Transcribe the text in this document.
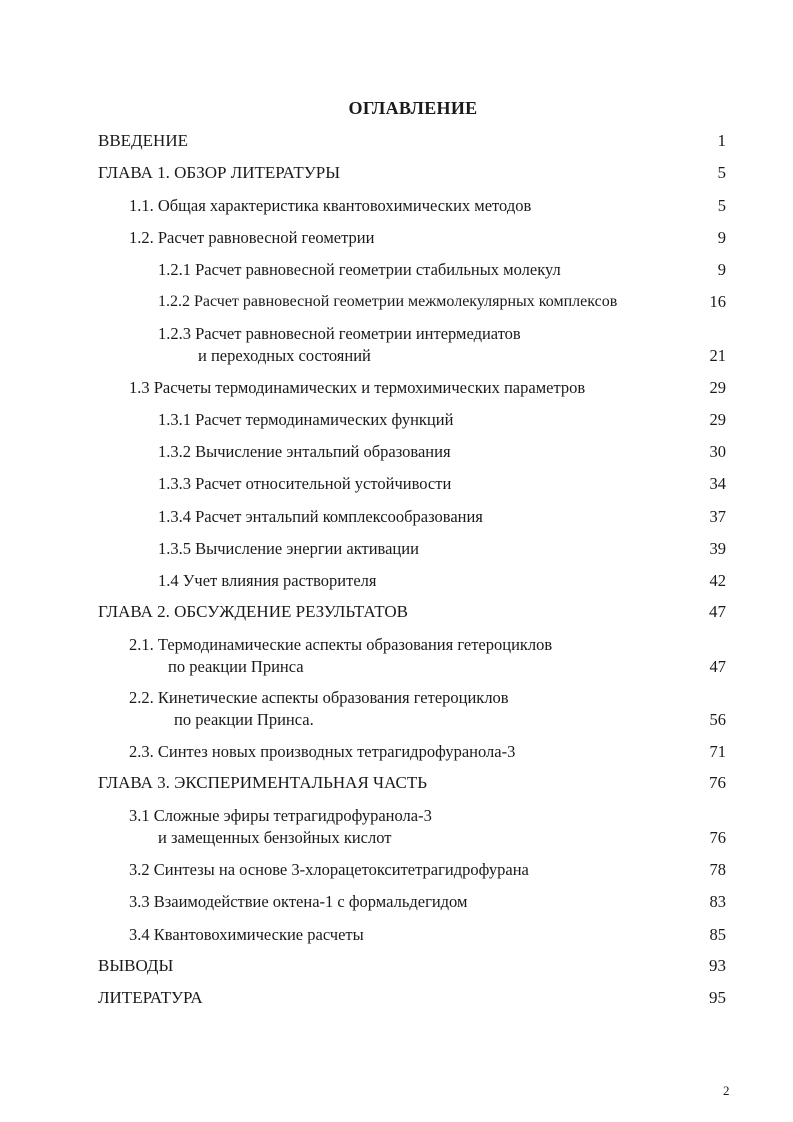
ОГЛАВЛЕНИЕ
ВВЕДЕНИЕ	1
ГЛАВА 1. ОБЗОР ЛИТЕРАТУРЫ	5
1.1. Общая характеристика квантовохимических методов	5
1.2. Расчет равновесной геометрии	9
1.2.1 Расчет равновесной геометрии стабильных молекул	9
1.2.2 Расчет равновесной геометрии межмолекулярных комплексов	16
1.2.3 Расчет равновесной геометрии интермедиатов
и переходных состояний	21
1.3 Расчеты термодинамических и термохимических параметров	29
1.3.1 Расчет термодинамических функций	29
1.3.2 Вычисление энтальпий образования	30
1.3.3 Расчет относительной устойчивости	34
1.3.4 Расчет энтальпий комплексообразования	37
1.3.5 Вычисление энергии активации	39
1.4 Учет влияния растворителя	42
ГЛАВА 2. ОБСУЖДЕНИЕ РЕЗУЛЬТАТОВ	47
2.1. Термодинамические аспекты образования гетероциклов
по реакции Принса	47
2.2. Кинетические аспекты образования гетероциклов
по реакции Принса.	56
2.3. Синтез новых производных тетрагидрофуранола-3	71
ГЛАВА 3. ЭКСПЕРИМЕНТАЛЬНАЯ ЧАСТЬ	76
3.1 Сложные эфиры тетрагидрофуранола-3
и замещенных бензойных кислот	76
3.2 Синтезы на основе 3-хлорацетокситетрагидрофурана	78
3.3 Взаимодействие октена-1 с формальдегидом	83
3.4 Квантовохимические расчеты	85
ВЫВОДЫ	93
ЛИТЕРАТУРА	95
2
